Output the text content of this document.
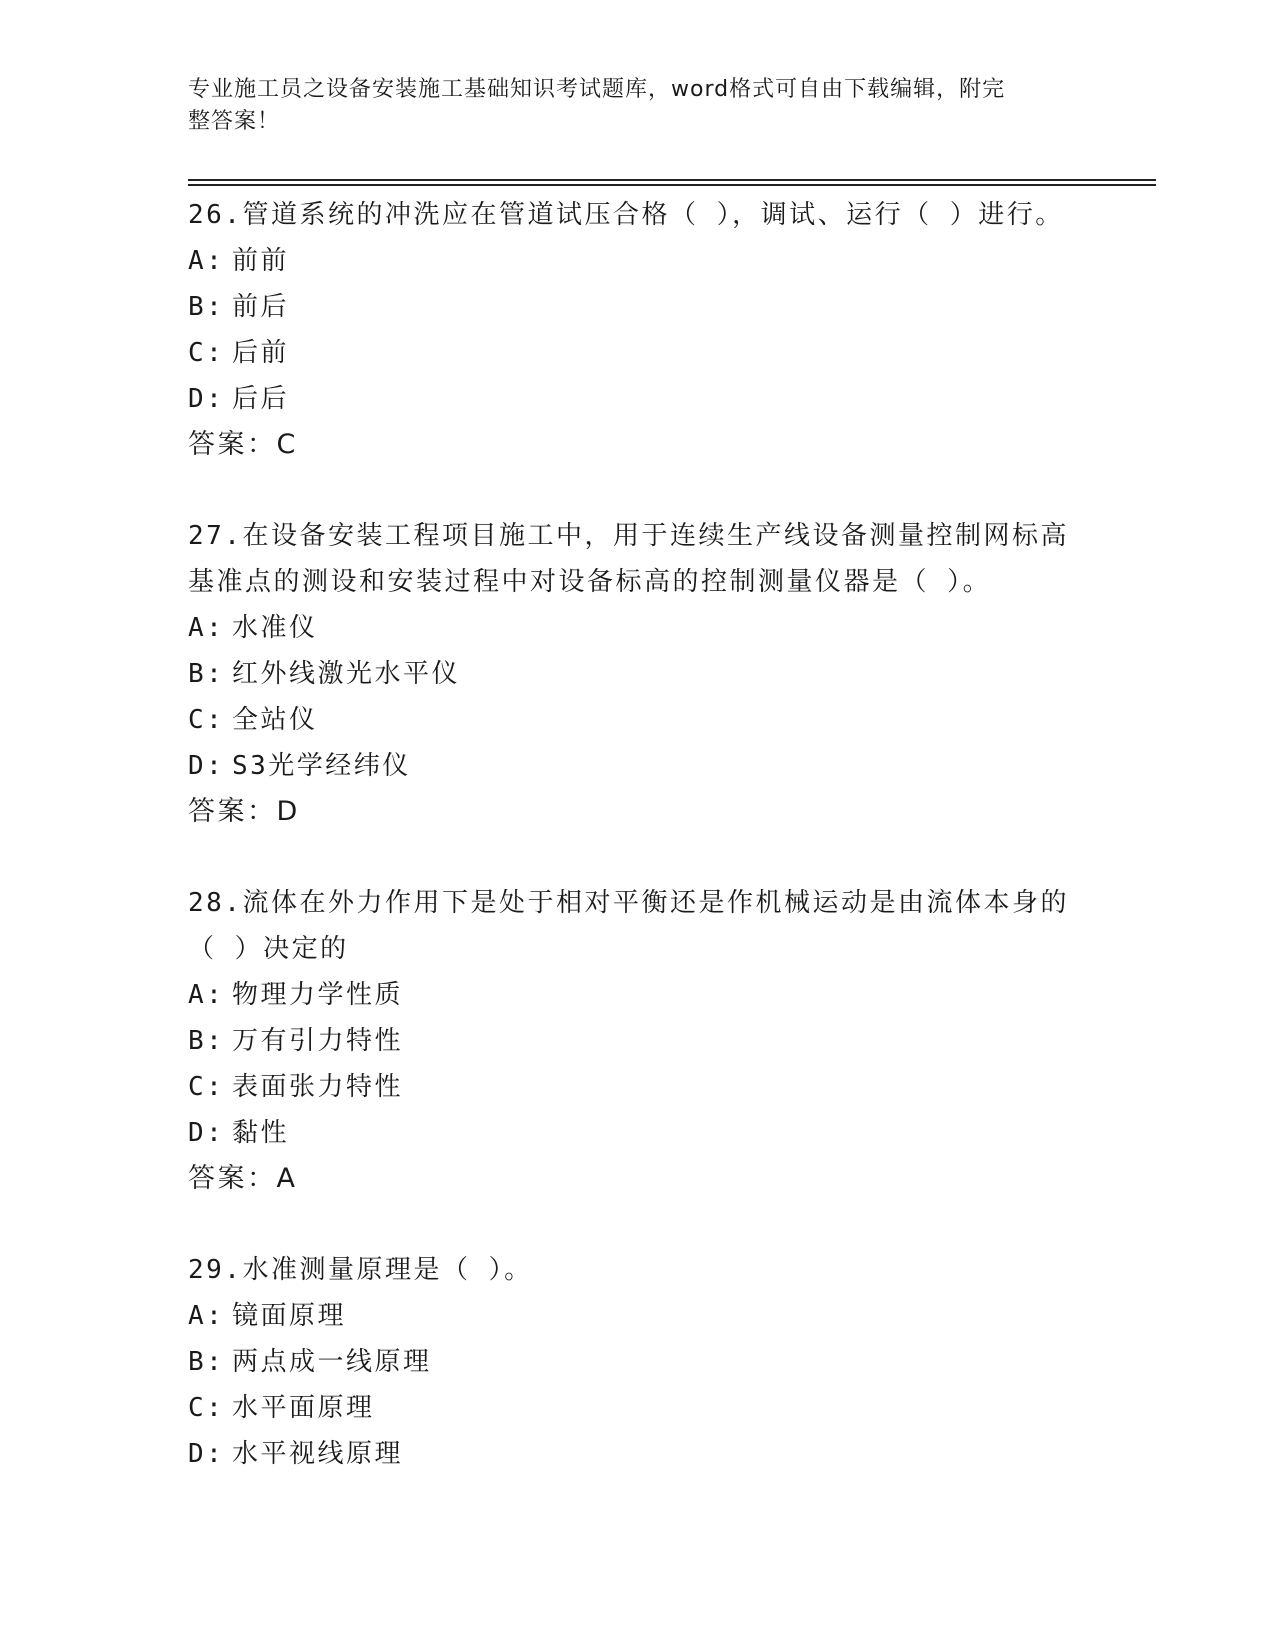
专业施工员之设备安装施工基础知识考试题库，word格式可自由下载编辑，附完
整答案！
26.管道系统的冲洗应在管道试压合格（ ），调试、运行（ ）进行。
A: 前前
B: 前后
C: 后前
D: 后后
答案：C
27.在设备安装工程项目施工中，用于连续生产线设备测量控制网标高
基准点的测设和安装过程中对设备标高的控制测量仪器是（ ）。
A: 水准仪
B: 红外线激光水平仪
C: 全站仪
D: S3光学经纬仪
答案：D
28.流体在外力作用下是处于相对平衡还是作机械运动是由流体本身的
（ ）决定的
A: 物理力学性质
B: 万有引力特性
C: 表面张力特性
D: 黏性
答案：A
29.水准测量原理是（ ）。
A: 镜面原理
B: 两点成一线原理
C: 水平面原理
D: 水平视线原理
